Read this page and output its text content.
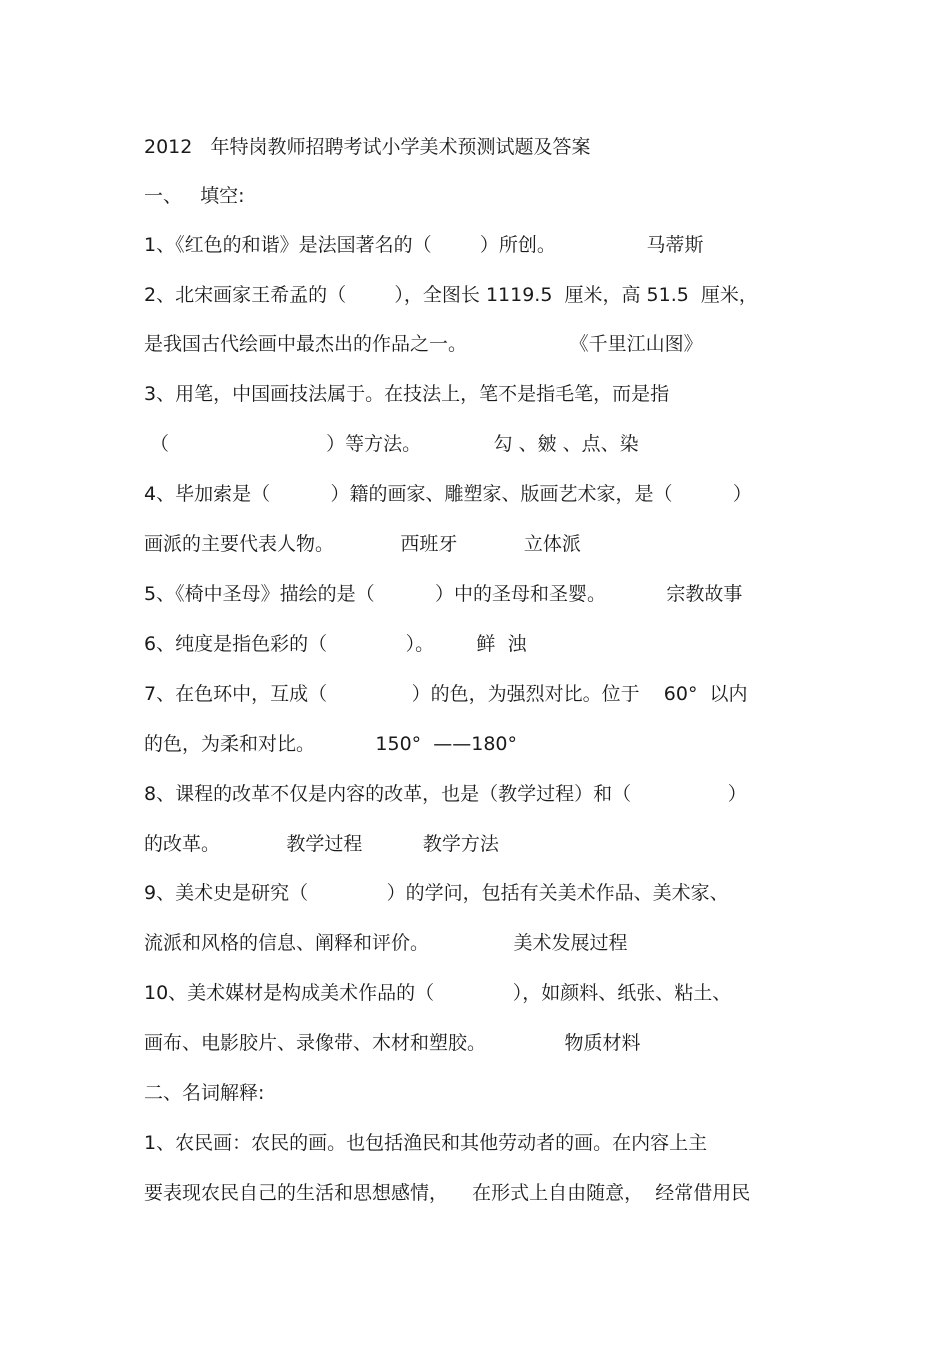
2012   年特岗教师招聘考试小学美术预测试题及答案
一、   填空:
1、《红色的和谐》是法国著名的（        ）所创。               马蒂斯
2、北宋画家王希孟的（        ），全图长 1119.5  厘米，高 51.5  厘米，
是我国古代绘画中最杰出的作品之一。                 《千里江山图》
3、用笔，中国画技法属于。在技法上，笔不是指毛笔，而是指
（                          ）等方法。            勾 、皴 、点、染
4、毕加索是（          ）籍的画家、雕塑家、版画艺术家，是（          ）
画派的主要代表人物。           西班牙           立体派
5、《椅中圣母》描绘的是（          ）中的圣母和圣婴。          宗教故事
6、纯度是指色彩的（             ）。       鲜  浊
7、在色环中，互成（              ）的色，为强烈对比。位于    60°  以内
的色，为柔和对比。          150°  ——180°
8、课程的改革不仅是内容的改革，也是（教学过程）和（                ）
的改革。           教学过程          教学方法
9、美术史是研究（             ）的学问，包括有关美术作品、美术家、
流派和风格的信息、阐释和评价。              美术发展过程
10、美术媒材是构成美术作品的（             ），如颜料、纸张、粘土、
画布、电影胶片、录像带、木材和塑胶。             物质材料
二、名词解释:
1、农民画：农民的画。也包括渔民和其他劳动者的画。在内容上主
要表现农民自己的生活和思想感情，    在形式上自由随意，  经常借用民
